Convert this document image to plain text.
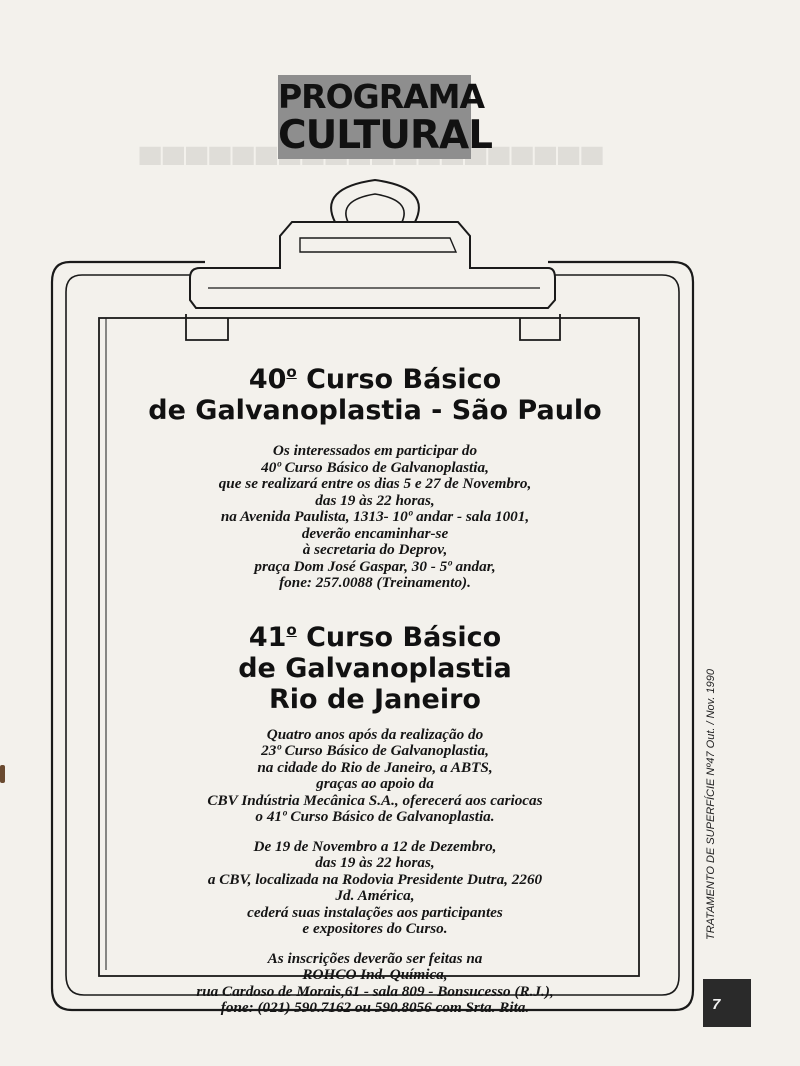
▀▀▀▀▀▀▀▀▀▀▀▀▀▀▀▀▀▀▀▀
PROGRAMA
CULTURAL
40$^o$ Curso Básico
de Galvanoplastia - São Paulo
Os interessados em participar do
40º Curso Básico de Galvanoplastia,
que se realizará entre os dias 5 e 27 de Novembro,
das 19 às 22 horas,
na Avenida Paulista, 1313- 10º andar - sala 1001,
deverão encaminhar-se
à secretaria do Deprov,
praça Dom José Gaspar, 30 - 5º andar,
fone: 257.0088 (Treinamento).
41$^o$ Curso Básico
de Galvanoplastia
Rio de Janeiro
Quatro anos após da realização do
23º Curso Básico de Galvanoplastia,
na cidade do Rio de Janeiro, a ABTS,
graças ao apoio da
CBV Indústria Mecânica S.A., oferecerá aos cariocas
o 41º Curso Básico de Galvanoplastia.
De 19 de Novembro a 12 de Dezembro,
das 19 às 22 horas,
a CBV, localizada na Rodovia Presidente Dutra, 2260
Jd. América,
cederá suas instalações aos participantes
e expositores do Curso.
As inscrições deverão ser feitas na
ROHCO Ind. Química,
rua Cardoso de Morais,61 - sala 809 - Bonsucesso (R.J.),
fone: (021) 590.7162 ou 590.8056 com Srta. Rita.
TRATAMENTO DE SUPERFÍCIE Nº47 Out. / Nov. 1990
7
